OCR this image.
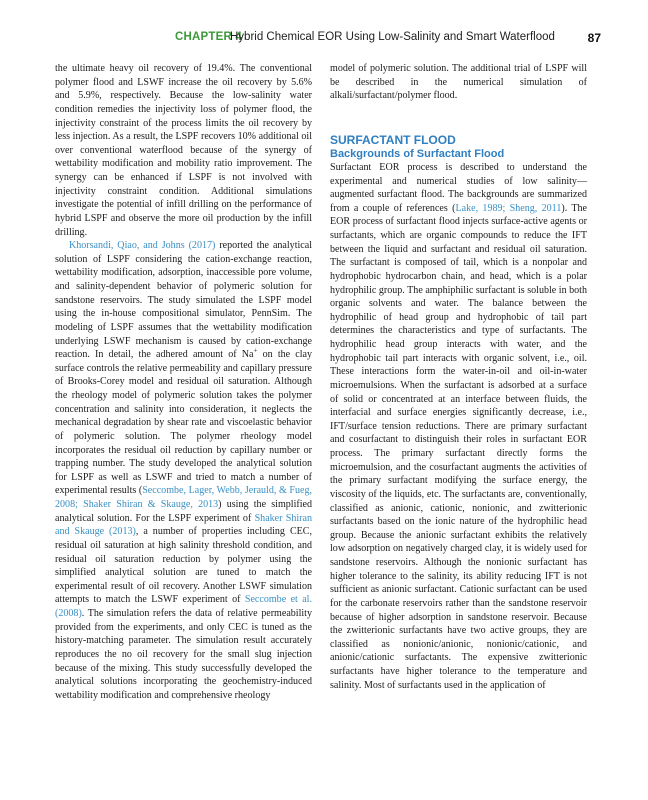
CHAPTER 4
Hybrid Chemical EOR Using Low-Salinity and Smart Waterflood	87

the ultimate heavy oil recovery of 19.4%. The conventional polymer flood and LSWF increase the oil recovery by 5.6% and 5.9%, respectively. Because the low-salinity water condition remedies the injectivity loss of polymer flood, the injectivity constraint of the process limits the oil recovery by less injection. As a result, the LSPF recovers 10% additional oil over conventional waterflood because of the synergy of wettability modification and mobility ratio improvement. The synergy can be enhanced if LSPF is not involved with injectivity constraint condition. Additional simulations investigate the potential of infill drilling on the performance of hybrid LSPF and observe the more oil production by the infill drilling.

Khorsandi, Qiao, and Johns (2017) reported the analytical solution of LSPF considering the cation-exchange reaction, wettability modification, adsorption, inaccessible pore volume, and salinity-dependent behavior of polymeric solution for sandstone reservoirs. The study simulated the LSPF model using the in-house compositional simulator, PennSim. The modeling of LSPF assumes that the wettability modification underlying LSWF mechanism is caused by cation-exchange reaction. In detail, the adhered amount of Na+ on the clay surface controls the relative permeability and capillary pressure of Brooks-Corey model and residual oil saturation. Although the rheology model of polymeric solution takes the polymer concentration and salinity into consideration, it neglects the mechanical degradation by shear rate and viscoelastic behavior of polymeric solution. The polymer rheology model incorporates the residual oil reduction by capillary number or trapping number. The study developed the analytical solution for LSPF as well as LSWF and tried to match a number of experimental results (Seccombe, Lager, Webb, Jerauld, & Fueg, 2008; Shaker Shiran & Skauge, 2013) using the simplified analytical solution. For the LSPF experiment of Shaker Shiran and Skauge (2013), a number of properties including CEC, residual oil saturation at high salinity threshold condition, and residual oil saturation reduction by polymer using the simplified analytical solution are tuned to match the experimental result of oil recovery. Another LSWF simulation attempts to match the LSWF experiment of Seccombe et al. (2008). The simulation refers the data of relative permeability provided from the experiments, and only CEC is tuned as the history-matching parameter. The simulation result accurately reproduces the no oil recovery for the small slug injection because of the mixing. This study successfully developed the analytical solutions incorporating the geochemistry-induced wettability modification and comprehensive rheology

model of polymeric solution. The additional trial of LSPF will be described in the numerical simulation of alkali/surfactant/polymer flood.

SURFACTANT FLOOD

Backgrounds of Surfactant Flood

Surfactant EOR process is described to understand the experimental and numerical studies of low salinity—augmented surfactant flood. The backgrounds are summarized from a couple of references (Lake, 1989; Sheng, 2011). The EOR process of surfactant flood injects surface-active agents or surfactants, which are organic compounds to reduce the IFT between the liquid and surfactant and residual oil saturation. The surfactant is composed of tail, which is a nonpolar and hydrophobic hydrocarbon chain, and head, which is a polar hydrophilic group. The amphiphilic surfactant is soluble in both organic solvents and water. The balance between the hydrophilic of head group and hydrophobic of tail part determines the characteristics and type of surfactants. The hydrophilic head group interacts with water, and the hydrophobic tail part interacts with organic solvent, i.e., oil. These interactions form the water-in-oil and oil-in-water microemulsions. When the surfactant is adsorbed at a surface of solid or concentrated at an interface between fluids, the interfacial and surface energies significantly decrease, i.e., IFT/surface tension reductions. There are primary surfactant and cosurfactant to distinguish their roles in surfactant EOR process. The primary surfactant directly forms the microemulsion, and the cosurfactant augments the activities of the primary surfactant modifying the surface energy, the viscosity of the liquids, etc. The surfactants are, conventionally, classified as anionic, cationic, nonionic, and zwitterionic surfactants based on the ionic nature of the hydrophilic head group. Because the anionic surfactant exhibits the relatively low adsorption on negatively charged clay, it is widely used for sandstone reservoirs. Although the nonionic surfactant has higher tolerance to the salinity, its ability reducing IFT is not sufficient as anionic surfactant. Cationic surfactant can be used for the carbonate reservoirs rather than the sandstone reservoir because of higher adsorption in sandstone reservoir. Because the zwitterionic surfactants have two active groups, they are classified as nonionic/anionic, nonionic/cationic, and anionic/cationic surfactants. The expensive zwitterionic surfactants have higher tolerance to the temperature and salinity. Most of surfactants used in the application of
